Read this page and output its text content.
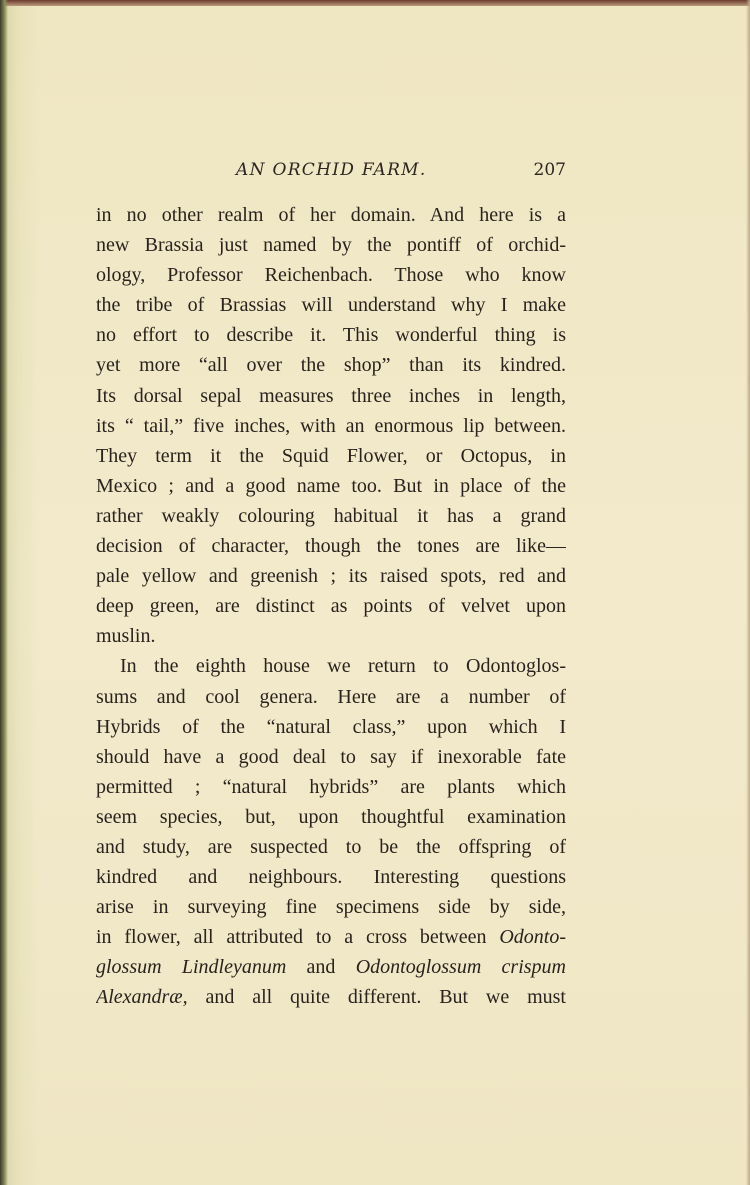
AN ORCHID FARM.	207
in no other realm of her domain. And here is a
new Brassia just named by the pontiff of orchid-
ology, Professor Reichenbach. Those who know
the tribe of Brassias will understand why I make
no effort to describe it. This wonderful thing is
yet more “all over the shop” than its kindred.
Its dorsal sepal measures three inches in length,
its “ tail,” five inches, with an enormous lip between.
They term it the Squid Flower, or Octopus, in
Mexico ; and a good name too. But in place of the
rather weakly colouring habitual it has a grand
decision of character, though the tones are like—
pale yellow and greenish ; its raised spots, red and
deep green, are distinct as points of velvet upon
muslin.
In the eighth house we return to Odontoglos-
sums and cool genera. Here are a number of
Hybrids of the “natural class,” upon which I
should have a good deal to say if inexorable fate
permitted ; “natural hybrids” are plants which
seem species, but, upon thoughtful examination
and study, are suspected to be the offspring of
kindred and neighbours. Interesting questions
arise in surveying fine specimens side by side,
in flower, all attributed to a cross between Odonto-
glossum Lindleyanum and Odontoglossum crispum
Alexandræ, and all quite different. But we must
